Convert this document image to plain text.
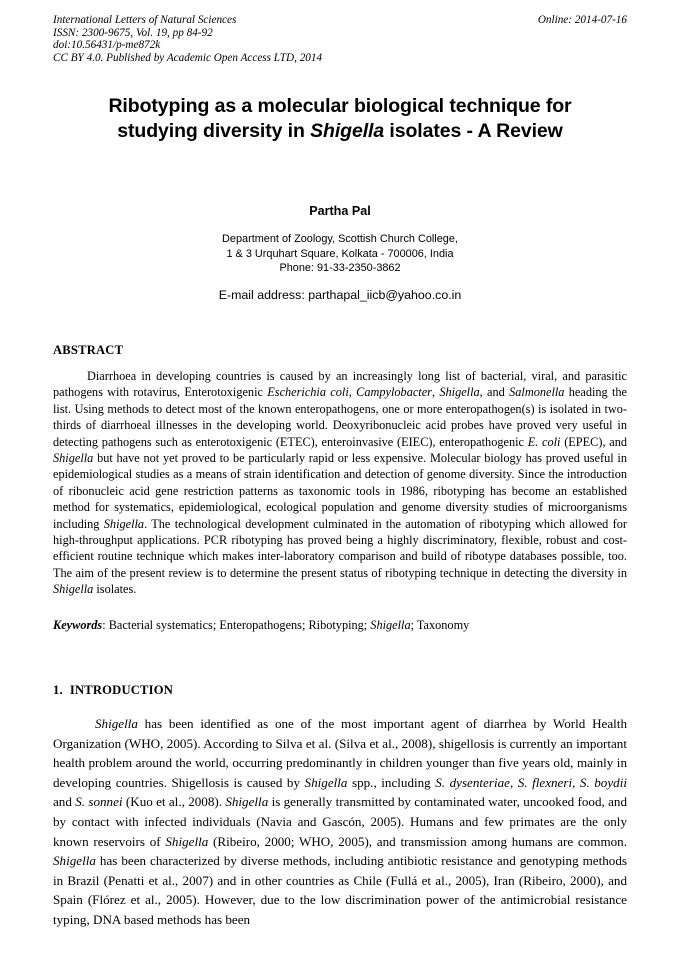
International Letters of Natural Sciences
ISSN: 2300-9675, Vol. 19, pp 84-92
doi:10.56431/p-me872k
CC BY 4.0. Published by Academic Open Access LTD, 2014
Online: 2014-07-16
Ribotyping as a molecular biological technique for
studying diversity in Shigella isolates - A Review
Partha Pal
Department of Zoology, Scottish Church College,
1 & 3 Urquhart Square, Kolkata - 700006, India
Phone: 91-33-2350-3862
E-mail address: parthapal_iicb@yahoo.co.in
ABSTRACT
Diarrhoea in developing countries is caused by an increasingly long list of bacterial, viral, and parasitic pathogens with rotavirus, Enterotoxigenic Escherichia coli, Campylobacter, Shigella, and Salmonella heading the list. Using methods to detect most of the known enteropathogens, one or more enteropathogen(s) is isolated in two-thirds of diarrhoeal illnesses in the developing world. Deoxyribonucleic acid probes have proved very useful in detecting pathogens such as enterotoxigenic (ETEC), enteroinvasive (EIEC), enteropathogenic E. coli (EPEC), and Shigella but have not yet proved to be particularly rapid or less expensive. Molecular biology has proved useful in epidemiological studies as a means of strain identification and detection of genome diversity. Since the introduction of ribonucleic acid gene restriction patterns as taxonomic tools in 1986, ribotyping has become an established method for systematics, epidemiological, ecological population and genome diversity studies of microorganisms including Shigella. The technological development culminated in the automation of ribotyping which allowed for high-throughput applications. PCR ribotyping has proved being a highly discriminatory, flexible, robust and cost-efficient routine technique which makes inter-laboratory comparison and build of ribotype databases possible, too. The aim of the present review is to determine the present status of ribotyping technique in detecting the diversity in Shigella isolates.
Keywords: Bacterial systematics; Enteropathogens; Ribotyping; Shigella; Taxonomy
1. INTRODUCTION
Shigella has been identified as one of the most important agent of diarrhea by World Health Organization (WHO, 2005). According to Silva et al. (Silva et al., 2008), shigellosis is currently an important health problem around the world, occurring predominantly in children younger than five years old, mainly in developing countries. Shigellosis is caused by Shigella spp., including S. dysenteriae, S. flexneri, S. boydii and S. sonnei (Kuo et al., 2008). Shigella is generally transmitted by contaminated water, uncooked food, and by contact with infected individuals (Navia and Gascón, 2005). Humans and few primates are the only known reservoirs of Shigella (Ribeiro, 2000; WHO, 2005), and transmission among humans are common. Shigella has been characterized by diverse methods, including antibiotic resistance and genotyping methods in Brazil (Penatti et al., 2007) and in other countries as Chile (Fullá et al., 2005), Iran (Ribeiro, 2000), and Spain (Flórez et al., 2005). However, due to the low discrimination power of the antimicrobial resistance typing, DNA based methods has been
